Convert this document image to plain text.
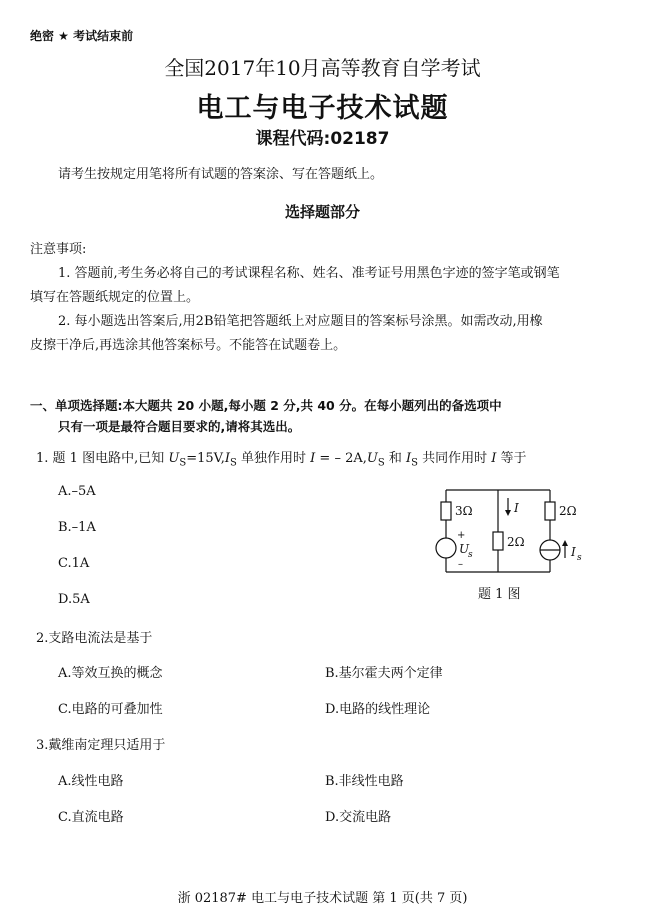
绝密 ★ 考试结束前
全国2017年10月高等教育自学考试
电工与电子技术试题
课程代码:02187
请考生按规定用笔将所有试题的答案涂、写在答题纸上。
选择题部分
注意事项:
1. 答题前,考生务必将自己的考试课程名称、姓名、准考证号用黑色字迹的签字笔或钢笔
填写在答题纸规定的位置上。
2. 每小题选出答案后,用2B铅笔把答题纸上对应题目的答案标号涂黑。如需改动,用橡
皮擦干净后,再选涂其他答案标号。不能答在试题卷上。
一、单项选择题:本大题共 20 小题,每小题 2 分,共 40 分。在每小题列出的备选项中
只有一项是最符合题目要求的,请将其选出。
1. 题 1 图电路中,已知 $U_S=15V,I_S$ 单独作用时 I = – $2A,U_S$ 和 $I_S$ 共同作用时 I 等于
A.–5A
B.–1A
C.1A
D.5A
3Ω	2Ω
2Ω
I
+
U
s
–
I s
题 1 图
2.支路电流法是基于
A.等效互换的概念	B.基尔霍夫两个定律
C.电路的可叠加性	D.电路的线性理论
3.戴维南定理只适用于
A.线性电路	B.非线性电路
C.直流电路	D.交流电路
浙 02187# 电工与电子技术试题 第 1 页(共 7 页)
